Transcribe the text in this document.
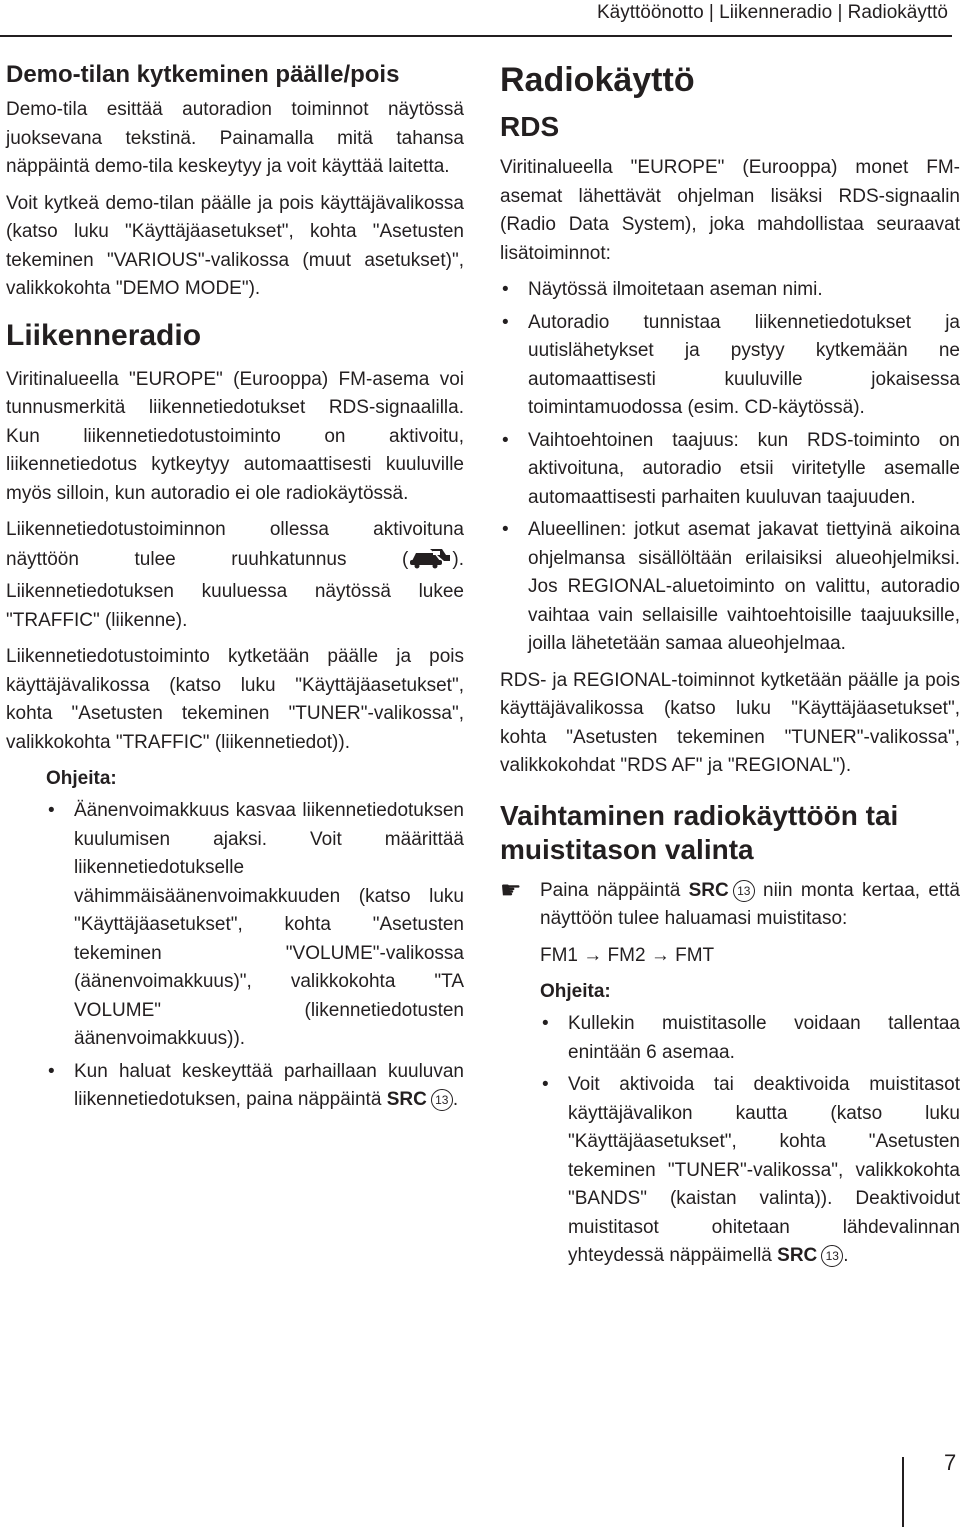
Käyttöönotto | Liikenneradio | Radiokäyttö
Demo-tilan kytkeminen päälle/pois

Demo-tila esittää autoradion toiminnot näytössä juoksevana tekstinä. Painamalla mitä tahansa näppäintä demo-tila keskeytyy ja voit käyttää laitetta.

Voit kytkeä demo-tilan päälle ja pois käyttäjävalikossa (katso luku "Käyttäjäasetukset", kohta "Asetusten tekeminen "VARIOUS"-valikossa (muut asetukset)", valikkokohta "DEMO MODE").

Liikenneradio

Viritinalueella "EUROPE" (Eurooppa) FM-asema voi tunnusmerkitä liikennetiedotukset RDS-signaalilla. Kun liikennetiedotustoiminto on aktivoitu, liikennetiedotus kytkeytyy automaattisesti kuuluville myös silloin, kun autoradio ei ole radiokäytössä.

Liikennetiedotustoiminnon ollessa aktivoituna näyttöön tulee ruuhkatunnus ( ). Liikennetiedotuksen kuuluessa näytössä lukee "TRAFFIC" (liikenne).

Liikennetiedotustoiminto kytketään päälle ja pois käyttäjävalikossa (katso luku "Käyttäjäasetukset", kohta "Asetusten tekeminen "TUNER"-valikossa", valikkokohta "TRAFFIC" (liikennetiedot)).

Ohjeita:
• Äänenvoimakkuus kasvaa liikennetiedotuksen kuulumisen ajaksi. Voit määrittää liikennetiedotukselle vähimmäisäänenvoimakkuuden (katso luku "Käyttäjäasetukset", kohta "Asetusten tekeminen "VOLUME"-valikossa (äänenvoimakkuus)", valikkokohta "TA VOLUME" (likennetiedotusten äänenvoimakkuus)).
• Kun haluat keskeyttää parhaillaan kuuluvan liikennetiedotuksen, paina näppäintä SRC 13 .
Radiokäyttö
RDS

Viritinalueella "EUROPE" (Eurooppa) monet FM-asemat lähettävät ohjelman lisäksi RDS-signaalin (Radio Data System), joka mahdollistaa seuraavat lisätoiminnot:

• Näytössä ilmoitetaan aseman nimi.
• Autoradio tunnistaa liikennetiedotukset ja uutislähetykset ja pystyy kytkemään ne automaattisesti kuuluville jokaisessa toimintamuodossa (esim. CD-käytössä).
• Vaihtoehtoinen taajuus: kun RDS-toiminto on aktivoituna, autoradio etsii viritetylle asemalle automaattisesti parhaiten kuuluvan taajuuden.
• Alueellinen: jotkut asemat jakavat tiettyinä aikoina ohjelmansa sisällöltään erilaisiksi alueohjelmiksi. Jos REGIONAL-aluetoiminto on valittu, autoradio vaihtaa vain sellaisille vaihtoehtoisille taajuuksille, joilla lähetetään samaa alueohjelmaa.

RDS- ja REGIONAL-toiminnot kytketään päälle ja pois käyttäjävalikossa (katso luku "Käyttäjäasetukset", kohta "Asetusten tekeminen "TUNER"-valikossa", valikkokohdat "RDS AF" ja "REGIONAL").

Vaihtaminen radiokäyttöön tai muistitason valinta

☛ Paina näppäintä SRC 13 niin monta kertaa, että näyttöön tulee haluamasi muistitaso:

FM1 → FM2 → FMT

Ohjeita:
• Kullekin muistitasolle voidaan tallentaa enintään 6 asemaa.
• Voit aktivoida tai deaktivoida muistitasot käyttäjävalikon kautta (katso luku "Käyttäjäasetukset", kohta "Asetusten tekeminen "TUNER"-valikossa", valikkokohta "BANDS" (kaistan valinta)). Deaktivoidut muistitasot ohitetaan lähdevalinnan yhteydessä näppäimellä SRC 13 .
7
